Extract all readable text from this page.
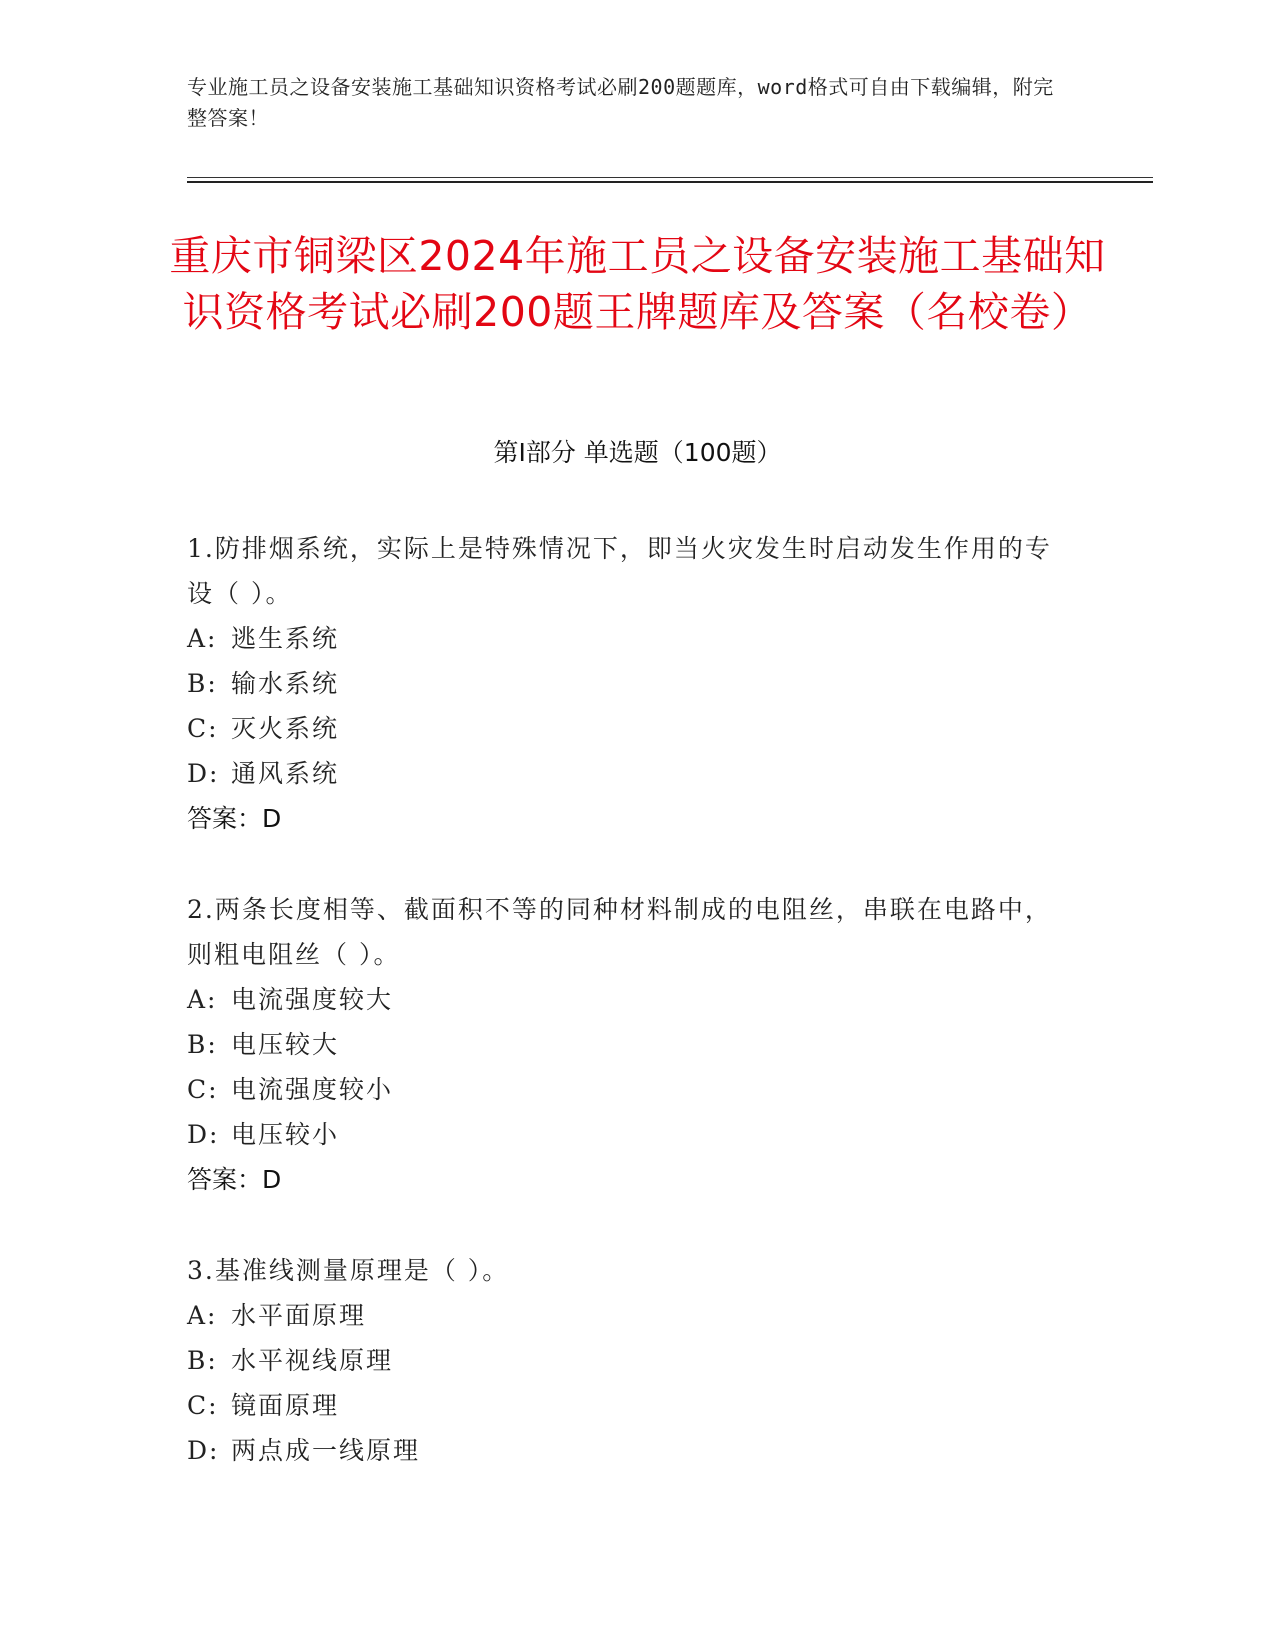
专业施工员之设备安装施工基础知识资格考试必刷200题题库，word格式可自由下载编辑，附完整答案！
重庆市铜梁区2024年施工员之设备安装施工基础知识资格考试必刷200题王牌题库及答案（名校卷）
第I部分 单选题（100题）
1.防排烟系统，实际上是特殊情况下，即当火灾发生时启动发生作用的专设（ ）。
A: 逃生系统
B: 输水系统
C: 灭火系统
D: 通风系统
答案：D
2.两条长度相等、截面积不等的同种材料制成的电阻丝，串联在电路中，则粗电阻丝（ ）。
A: 电流强度较大
B: 电压较大
C: 电流强度较小
D: 电压较小
答案：D
3.基准线测量原理是（ ）。
A: 水平面原理
B: 水平视线原理
C: 镜面原理
D: 两点成一线原理
